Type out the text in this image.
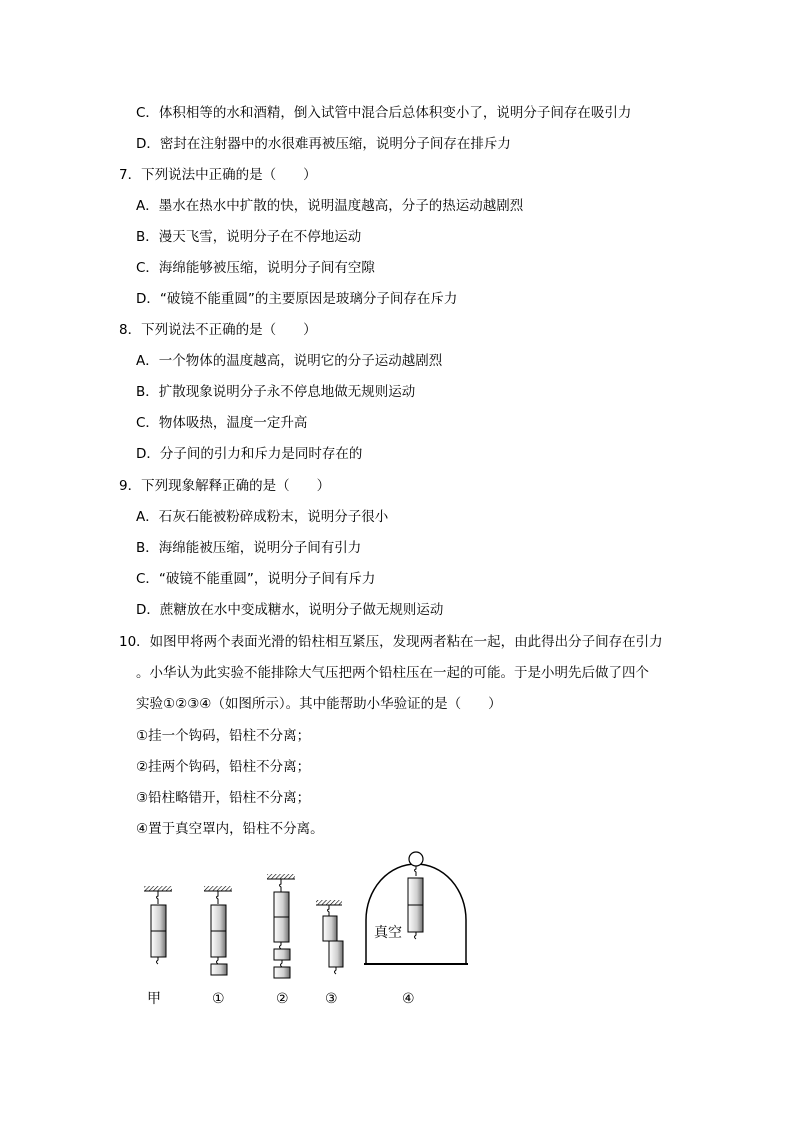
C．体积相等的水和酒精，倒入试管中混合后总体积变小了，说明分子间存在吸引力
D．密封在注射器中的水很难再被压缩，说明分子间存在排斥力
7．下列说法中正确的是（　　）
A．墨水在热水中扩散的快，说明温度越高，分子的热运动越剧烈
B．漫天飞雪，说明分子在不停地运动
C．海绵能够被压缩，说明分子间有空隙
D．“破镜不能重圆”的主要原因是玻璃分子间存在斥力
8．下列说法不正确的是（　　）
A．一个物体的温度越高，说明它的分子运动越剧烈
B．扩散现象说明分子永不停息地做无规则运动
C．物体吸热，温度一定升高
D．分子间的引力和斥力是同时存在的
9．下列现象解释正确的是（　　）
A．石灰石能被粉碎成粉末，说明分子很小
B．海绵能被压缩，说明分子间有引力
C．“破镜不能重圆”，说明分子间有斥力
D．蔗糖放在水中变成糖水，说明分子做无规则运动
10．如图甲将两个表面光滑的铅柱相互紧压，发现两者粘在一起，由此得出分子间存在引力
。小华认为此实验不能排除大气压把两个铅柱压在一起的可能。于是小明先后做了四个
实验①②③④（如图所示）。其中能帮助小华验证的是（　　）
①挂一个钩码，铅柱不分离；
②挂两个钩码，铅柱不分离；
③铅柱略错开，铅柱不分离；
④置于真空罩内，铅柱不分离。
真空
甲	①	②	③	④
